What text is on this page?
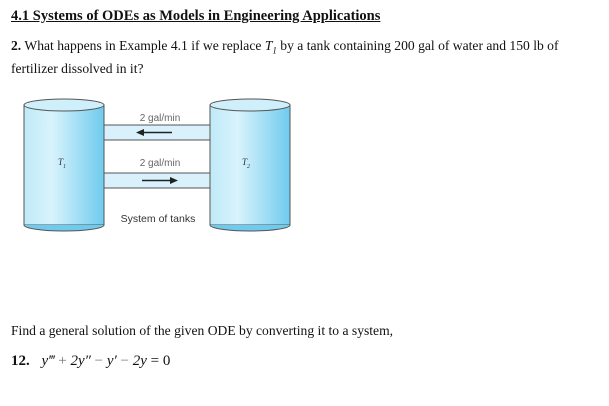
4.1 Systems of ODEs as Models in Engineering Applications
2. What happens in Example 4.1 if we replace $T_1$ by a tank containing 200 gal of water and 150 lb of fertilizer dissolved in it?
2 gal/min
2 gal/min
$T_1$	$T_2$
System of tanks
Find a general solution of the given ODE by converting it to a system,
12. y‴ + 2y″ − y′ − 2y = 0
